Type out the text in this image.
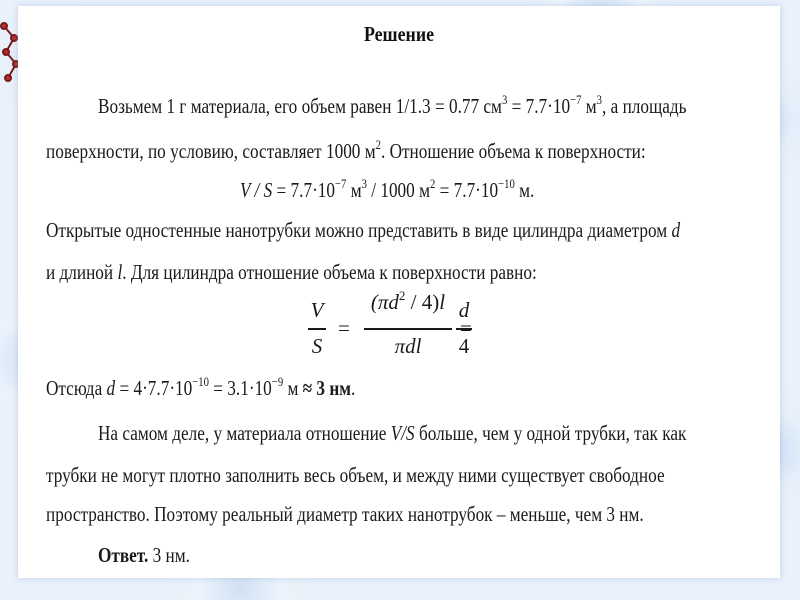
Решение
Возьмем 1 г материала, его объем равен 1/1.3 = 0.77 $см^3 = 7.7\cdot 10^{-7}$ $м^3$, а площадь
поверхности, по условию, составляет 1000 $м^2$. Отношение объема к поверхности:
$V / S = 7.7\cdot 10^{-7}$ $м^3 / 1000$ $м^2 = 7.7\cdot 10^{-10}$ м.
Открытые одностенные нанотрубки можно представить в виде цилиндра диаметром d
и длиной l. Для цилиндра отношение объема к поверхности равно:
V
S
=
$(\pi d^2 / 4)l$
πdl
d
4
Отсюда $d = 4\cdot 7.7\cdot 10^{-10} = 3.1\cdot 10^{-9}$ м ≈ 3 нм.
На самом деле, у материала отношение V/S больше, чем у одной трубки, так как
трубки не могут плотно заполнить весь объем, и между ними существует свободное
пространство. Поэтому реальный диаметр таких нанотрубок – меньше, чем 3 нм.
Ответ. 3 нм.
